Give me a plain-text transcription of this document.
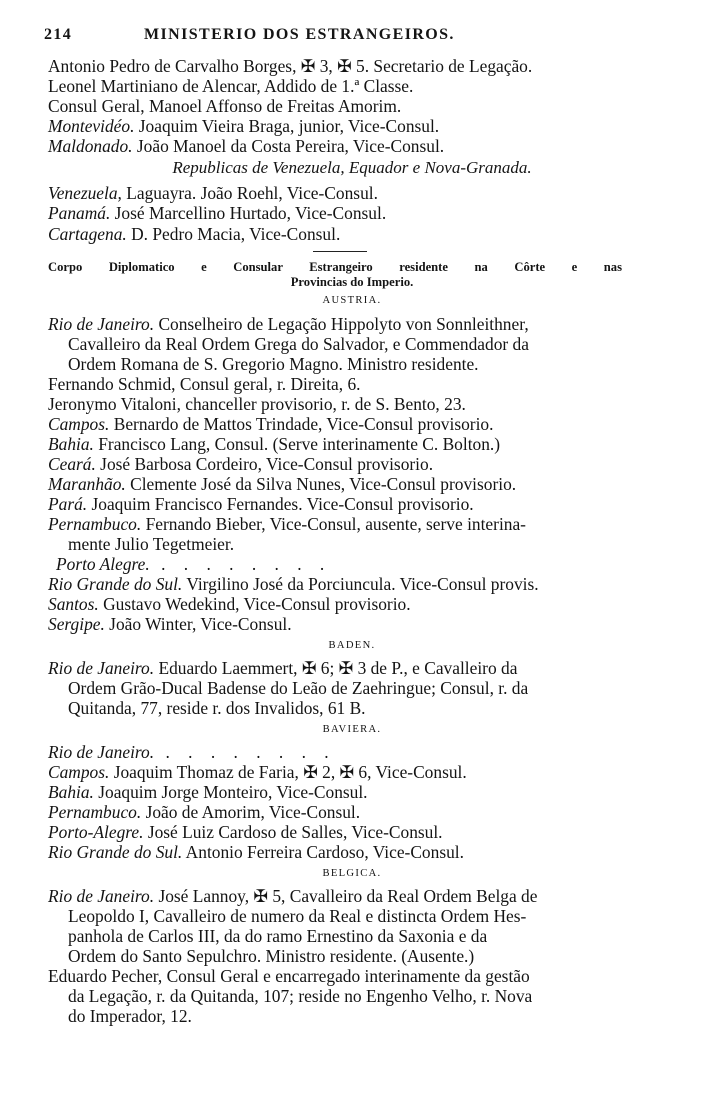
214	MINISTERIO DOS ESTRANGEIROS.
Antonio Pedro de Carvalho Borges, ✠ 3, ✠ 5. Secretario de Legação.
Leonel Martiniano de Alencar, Addido de 1.ª Classe.
Consul Geral, Manoel Affonso de Freitas Amorim.
Montevidéo. Joaquim Vieira Braga, junior, Vice-Consul.
Maldonado. João Manoel da Costa Pereira, Vice-Consul.
Republicas de Venezuela, Equador e Nova-Granada.
Venezuela, Laguayra. João Roehl, Vice-Consul.
Panamá. José Marcellino Hurtado, Vice-Consul.
Cartagena. D. Pedro Macia, Vice-Consul.
Corpo Diplomatico e Consular Estrangeiro residente na Côrte e nas
Provincias do Imperio.
AUSTRIA.
Rio de Janeiro. Conselheiro de Legação Hippolyto von Sonnleithner,
Cavalleiro da Real Ordem Grega do Salvador, e Commendador da
Ordem Romana de S. Gregorio Magno. Ministro residente.
Fernando Schmid, Consul geral, r. Direita, 6.
Jeronymo Vitaloni, chanceller provisorio, r. de S. Bento, 23.
Campos. Bernardo de Mattos Trindade, Vice-Consul provisorio.
Bahia. Francisco Lang, Consul. (Serve interinamente C. Bolton.)
Ceará. José Barbosa Cordeiro, Vice-Consul provisorio.
Maranhão. Clemente José da Silva Nunes, Vice-Consul provisorio.
Pará. Joaquim Francisco Fernandes. Vice-Consul provisorio.
Pernambuco. Fernando Bieber, Vice-Consul, ausente, serve interina-
mente Julio Tegetmeier.
Porto Alegre. . . . . . . . .
Rio Grande do Sul. Virgilino José da Porciuncula. Vice-Consul provis.
Santos. Gustavo Wedekind, Vice-Consul provisorio.
Sergipe. João Winter, Vice-Consul.
BADEN.
Rio de Janeiro. Eduardo Laemmert, ✠ 6; ✠ 3 de P., e Cavalleiro da
Ordem Grão-Ducal Badense do Leão de Zaehringue; Consul, r. da
Quitanda, 77, reside r. dos Invalidos, 61 B.
BAVIERA.
Rio de Janeiro. . . . . . . . .
Campos. Joaquim Thomaz de Faria, ✠ 2, ✠ 6, Vice-Consul.
Bahia. Joaquim Jorge Monteiro, Vice-Consul.
Pernambuco. João de Amorim, Vice-Consul.
Porto-Alegre. José Luiz Cardoso de Salles, Vice-Consul.
Rio Grande do Sul. Antonio Ferreira Cardoso, Vice-Consul.
BELGICA.
Rio de Janeiro. José Lannoy, ✠ 5, Cavalleiro da Real Ordem Belga de
Leopoldo I, Cavalleiro de numero da Real e distincta Ordem Hes-
panhola de Carlos III, da do ramo Ernestino da Saxonia e da
Ordem do Santo Sepulchro. Ministro residente. (Ausente.)
Eduardo Pecher, Consul Geral e encarregado interinamente da gestão
da Legação, r. da Quitanda, 107; reside no Engenho Velho, r. Nova
do Imperador, 12.
